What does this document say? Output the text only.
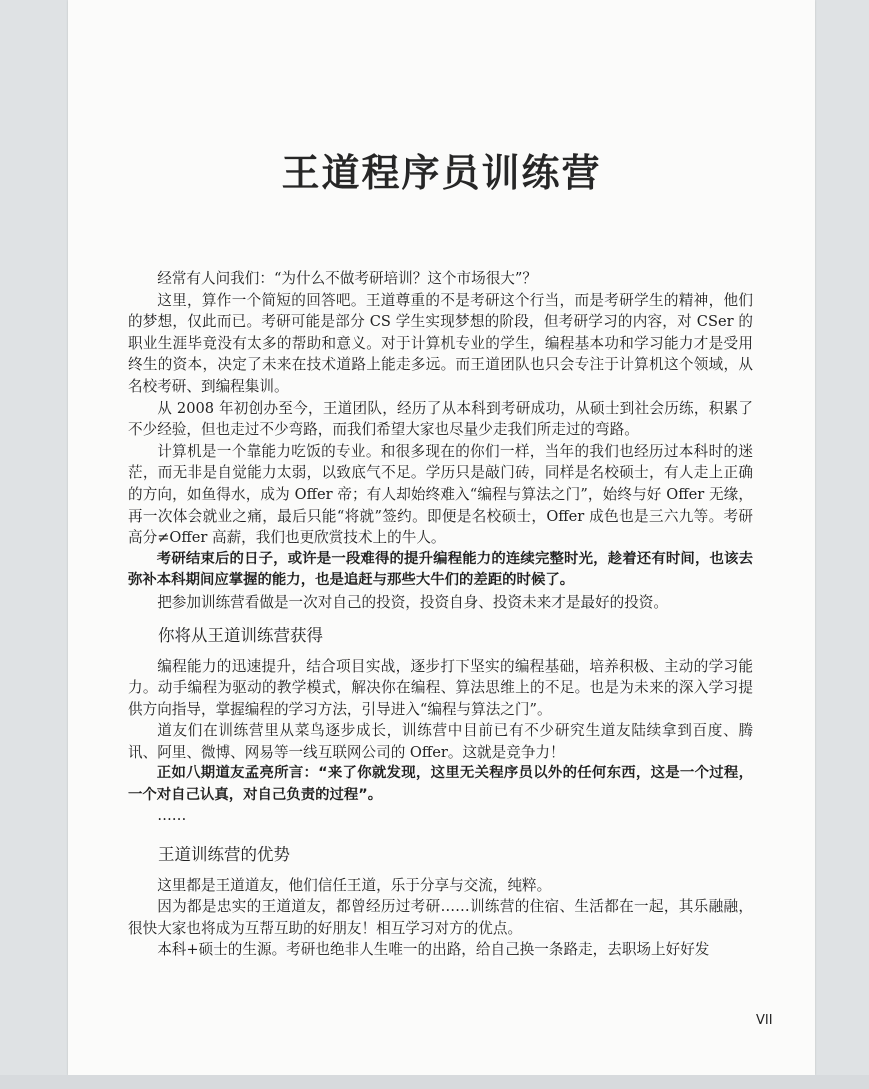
王道程序员训练营

经常有人问我们：“为什么不做考研培训？这个市场很大”？

这里，算作一个简短的回答吧。王道尊重的不是考研这个行当，而是考研学生的精神，他们的梦想，仅此而已。考研可能是部分 CS 学生实现梦想的阶段，但考研学习的内容，对 CSer 的职业生涯毕竟没有太多的帮助和意义。对于计算机专业的学生，编程基本功和学习能力才是受用终生的资本，决定了未来在技术道路上能走多远。而王道团队也只会专注于计算机这个领域，从名校考研、到编程集训。

从 2008 年初创办至今，王道团队，经历了从本科到考研成功，从硕士到社会历练，积累了不少经验，但也走过不少弯路，而我们希望大家也尽量少走我们所走过的弯路。

计算机是一个靠能力吃饭的专业。和很多现在的你们一样，当年的我们也经历过本科时的迷茫，而无非是自觉能力太弱，以致底气不足。学历只是敲门砖，同样是名校硕士，有人走上正确的方向，如鱼得水，成为 Offer 帝；有人却始终难入“编程与算法之门”，始终与好 Offer 无缘，再一次体会就业之痛，最后只能“将就”签约。即便是名校硕士，Offer 成色也是三六九等。考研高分≠Offer 高薪，我们也更欣赏技术上的牛人。

考研结束后的日子，或许是一段难得的提升编程能力的连续完整时光，趁着还有时间，也该去弥补本科期间应掌握的能力，也是追赶与那些大牛们的差距的时候了。

把参加训练营看做是一次对自己的投资，投资自身、投资未来才是最好的投资。

你将从王道训练营获得

编程能力的迅速提升，结合项目实战，逐步打下坚实的编程基础，培养积极、主动的学习能力。动手编程为驱动的教学模式，解决你在编程、算法思维上的不足。也是为未来的深入学习提供方向指导，掌握编程的学习方法，引导进入“编程与算法之门”。

道友们在训练营里从菜鸟逐步成长，训练营中目前已有不少研究生道友陆续拿到百度、腾讯、阿里、微博、网易等一线互联网公司的 Offer。这就是竞争力！

正如八期道友孟亮所言：“来了你就发现，这里无关程序员以外的任何东西，这是一个过程，一个对自己认真，对自己负责的过程”。

……

王道训练营的优势

这里都是王道道友，他们信任王道，乐于分享与交流，纯粹。

因为都是忠实的王道道友，都曾经历过考研……训练营的住宿、生活都在一起，其乐融融，很快大家也将成为互帮互助的好朋友！相互学习对方的优点。

本科+硕士的生源。考研也绝非人生唯一的出路，给自己换一条路走，去职场上好好发

VII
